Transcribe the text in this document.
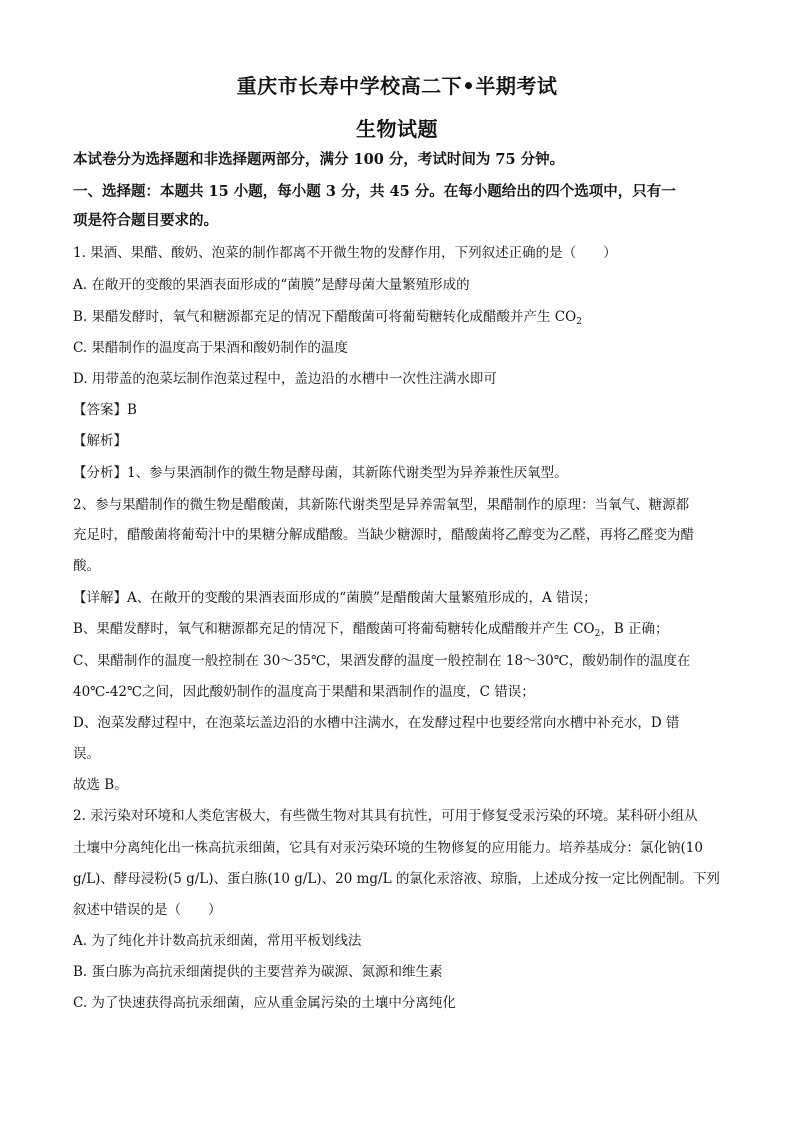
重庆市长寿中学校高二下•半期考试
生物试题
本试卷分为选择题和非选择题两部分，满分 100 分，考试时间为 75 分钟。
一、选择题：本题共 15 小题，每小题 3 分，共 45 分。在每小题给出的四个选项中，只有一
项是符合题目要求的。
1. 果酒、果醋、酸奶、泡菜的制作都离不开微生物的发酵作用，下列叙述正确的是（　　）
A. 在敞开的变酸的果酒表面形成的“菌膜”是酵母菌大量繁殖形成的
B. 果醋发酵时，氧气和糖源都充足的情况下醋酸菌可将葡萄糖转化成醋酸并产生 $CO_2$
C. 果醋制作的温度高于果酒和酸奶制作的温度
D. 用带盖的泡菜坛制作泡菜过程中，盖边沿的水槽中一次性注满水即可
【答案】B
【解析】
【分析】1、参与果酒制作的微生物是酵母菌，其新陈代谢类型为异养兼性厌氧型。
2、参与果醋制作的微生物是醋酸菌，其新陈代谢类型是异养需氧型，果醋制作的原理：当氧气、糖源都
充足时，醋酸菌将葡萄汁中的果糖分解成醋酸。当缺少糖源时，醋酸菌将乙醇变为乙醛，再将乙醛变为醋
酸。
【详解】A、在敞开的变酸的果酒表面形成的“菌膜”是醋酸菌大量繁殖形成的，A 错误；
B、果醋发酵时，氧气和糖源都充足的情况下，醋酸菌可将葡萄糖转化成醋酸并产生 $CO_2$，B 正确；
C、果醋制作的温度一般控制在 30～35℃，果酒发酵的温度一般控制在 18～30℃，酸奶制作的温度在
40℃-42℃之间，因此酸奶制作的温度高于果醋和果酒制作的温度，C 错误；
D、泡菜发酵过程中，在泡菜坛盖边沿的水槽中注满水，在发酵过程中也要经常向水槽中补充水，D 错
误。
故选 B。
2. 汞污染对环境和人类危害极大，有些微生物对其具有抗性，可用于修复受汞污染的环境。某科研小组从
土壤中分离纯化出一株高抗汞细菌，它具有对汞污染环境的生物修复的应用能力。培养基成分：氯化钠(10
g/L)、酵母浸粉(5 g/L)、蛋白胨(10 g/L)、20 mg/L 的氯化汞溶液、琼脂，上述成分按一定比例配制。下列
叙述中错误的是（　　）
A. 为了纯化并计数高抗汞细菌，常用平板划线法
B. 蛋白胨为高抗汞细菌提供的主要营养为碳源、氮源和维生素
C. 为了快速获得高抗汞细菌，应从重金属污染的土壤中分离纯化
